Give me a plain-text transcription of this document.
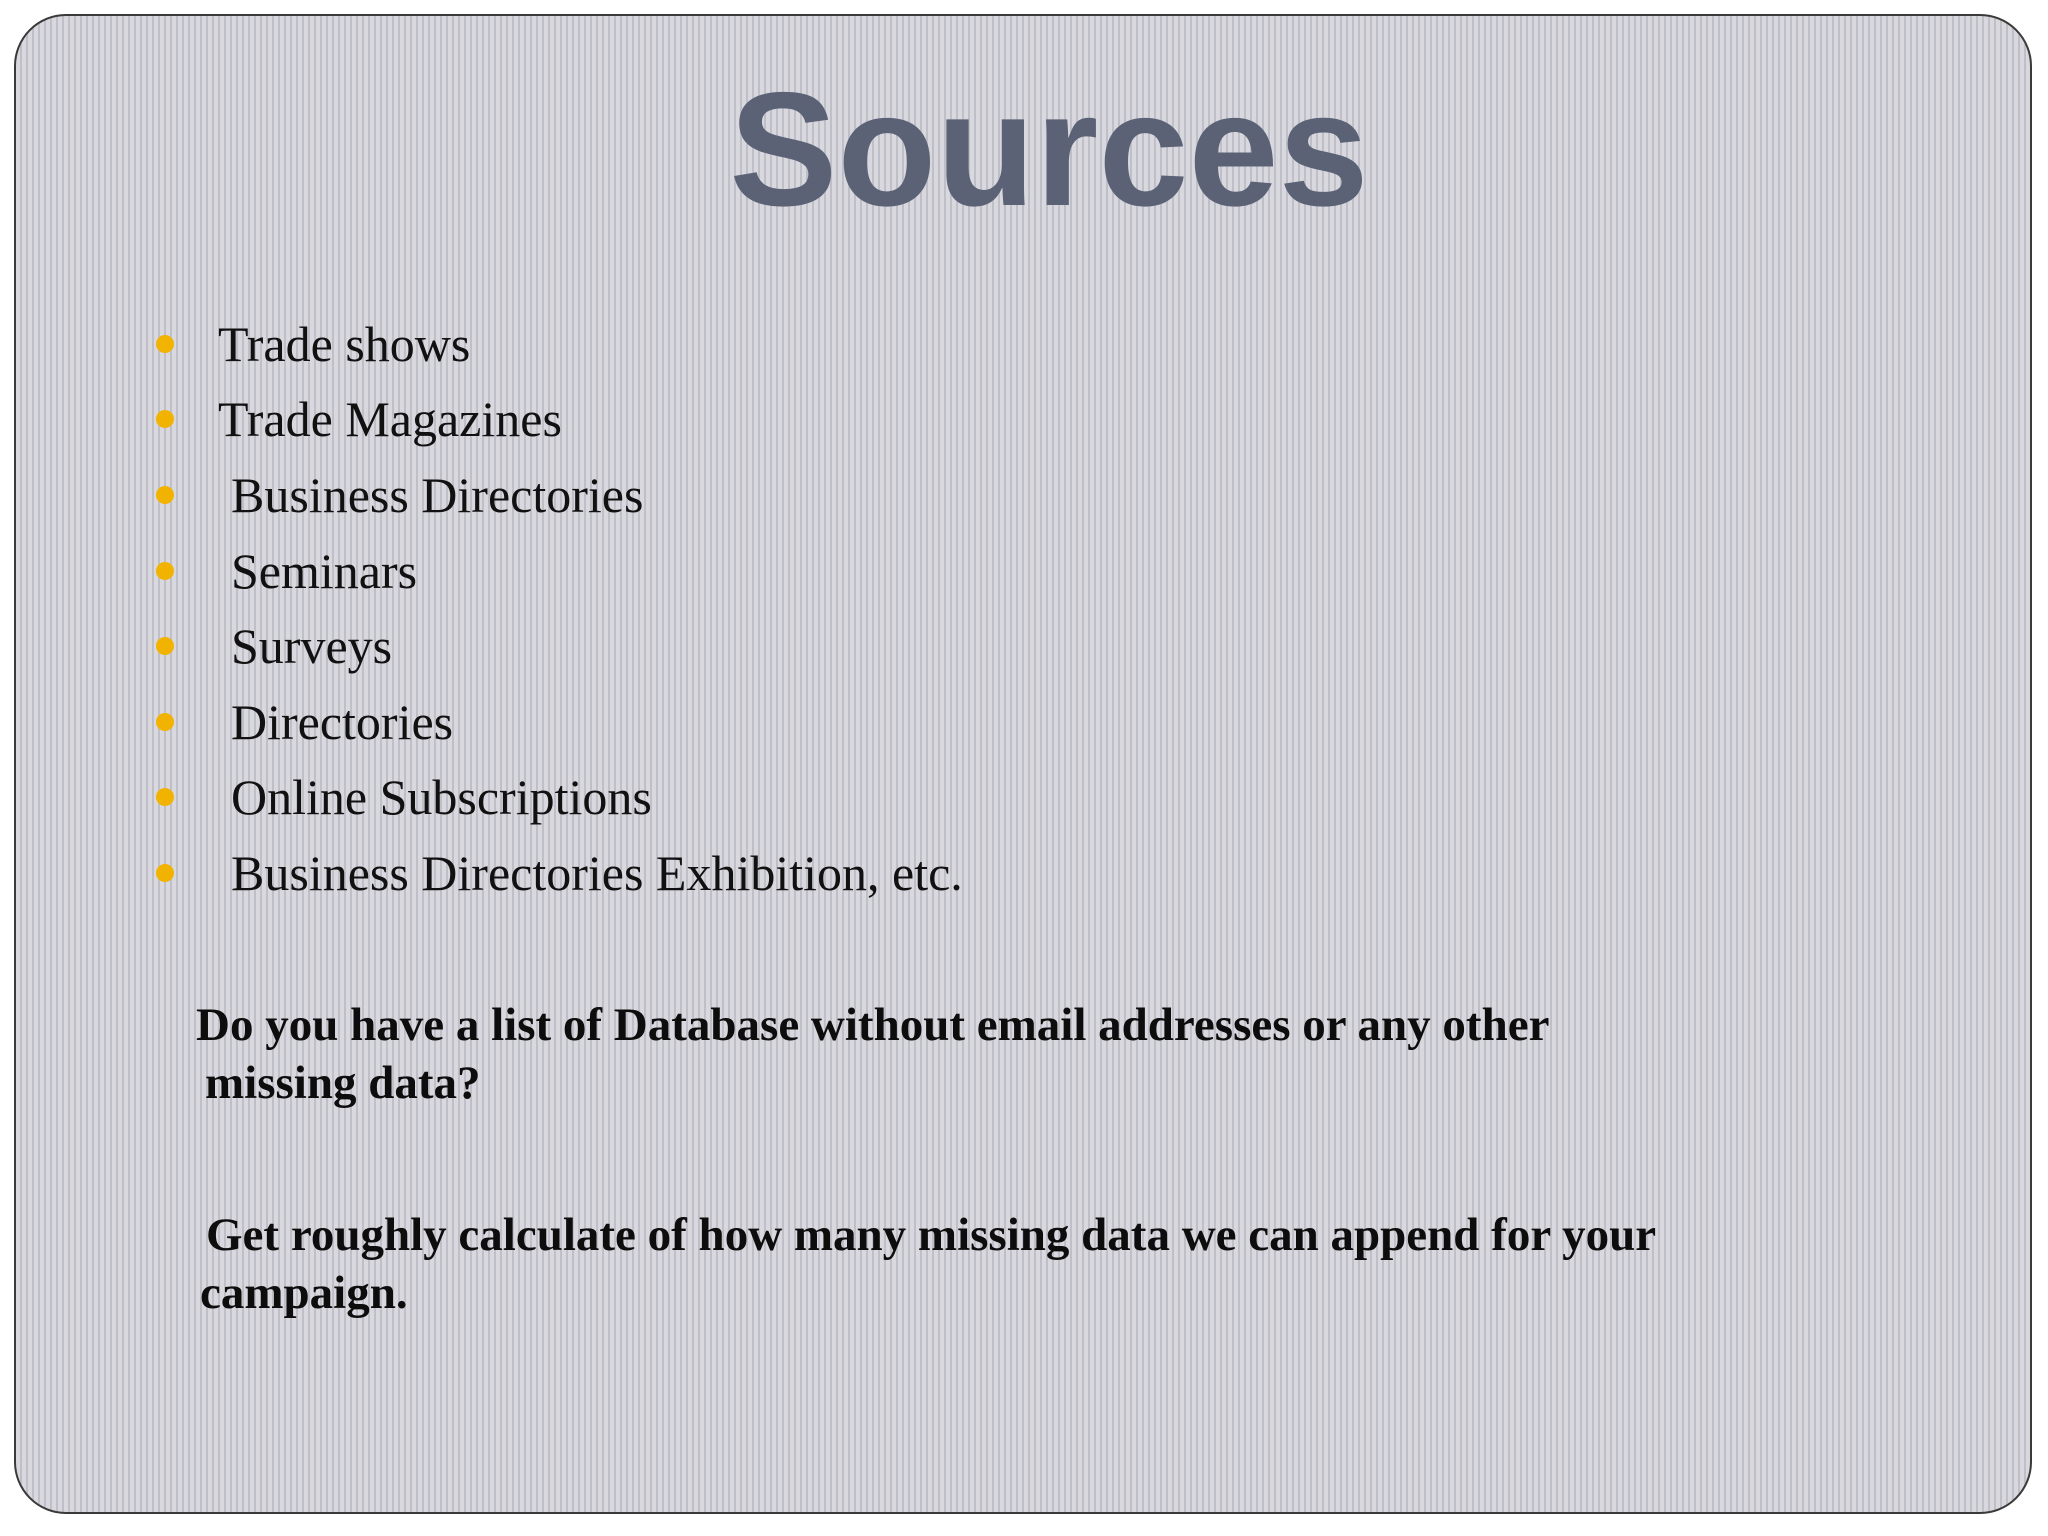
Sources
Trade shows
Trade Magazines
Business Directories
Seminars
Surveys
Directories
Online Subscriptions
Business Directories Exhibition, etc.

Do you have a list of Database without email addresses or any other
missing data?

Get roughly calculate of how many missing data we can append for your
campaign.
